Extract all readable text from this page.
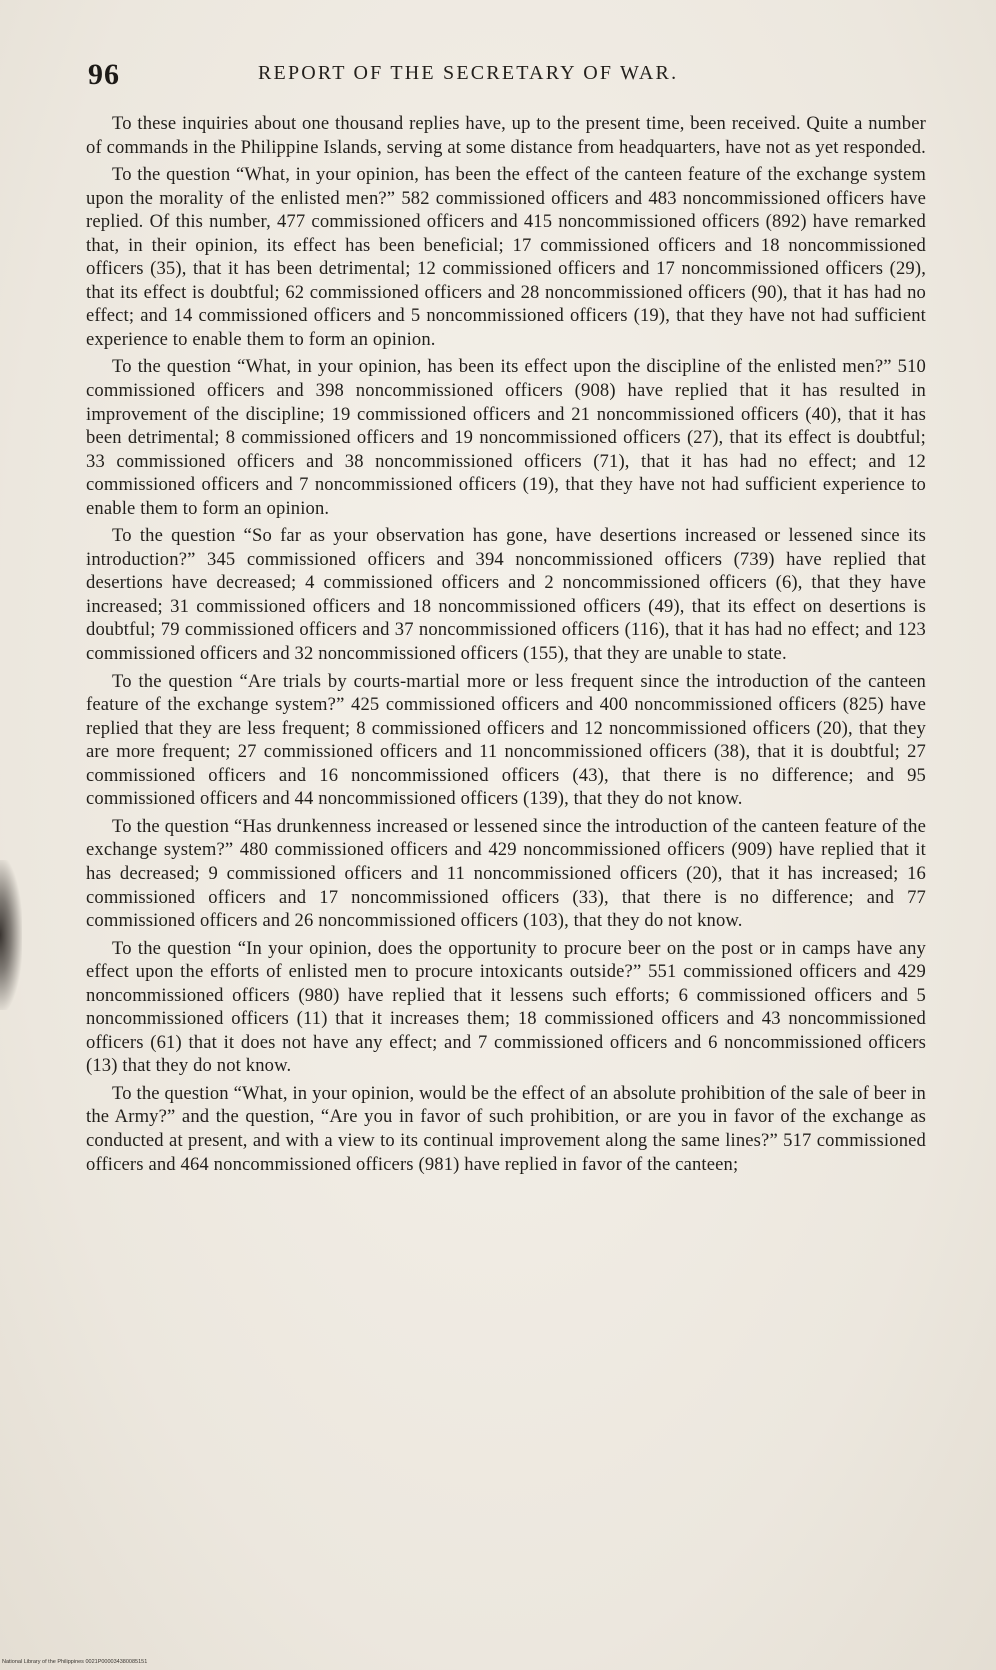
96	REPORT OF THE SECRETARY OF WAR.

To these inquiries about one thousand replies have, up to the present time, been received. Quite a number of commands in the Philippine Islands, serving at some distance from headquarters, have not as yet responded.

To the question “What, in your opinion, has been the effect of the canteen feature of the exchange system upon the morality of the enlisted men?” 582 commissioned officers and 483 noncommissioned officers have replied. Of this number, 477 commissioned officers and 415 noncommissioned officers (892) have remarked that, in their opinion, its effect has been beneficial; 17 commissioned officers and 18 noncommissioned officers (35), that it has been detrimental; 12 commissioned officers and 17 noncommissioned officers (29), that its effect is doubtful; 62 commissioned officers and 28 noncommissioned officers (90), that it has had no effect; and 14 commissioned officers and 5 noncommissioned officers (19), that they have not had sufficient experience to enable them to form an opinion.

To the question “What, in your opinion, has been its effect upon the discipline of the enlisted men?” 510 commissioned officers and 398 noncommissioned officers (908) have replied that it has resulted in improvement of the discipline; 19 commissioned officers and 21 noncommissioned officers (40), that it has been detrimental; 8 commissioned officers and 19 noncommissioned officers (27), that its effect is doubtful; 33 commissioned officers and 38 noncommissioned officers (71), that it has had no effect; and 12 commissioned officers and 7 noncommissioned officers (19), that they have not had sufficient experience to enable them to form an opinion.

To the question “So far as your observation has gone, have desertions increased or lessened since its introduction?” 345 commissioned officers and 394 noncommissioned officers (739) have replied that desertions have decreased; 4 commissioned officers and 2 noncommissioned officers (6), that they have increased; 31 commissioned officers and 18 noncommissioned officers (49), that its effect on desertions is doubtful; 79 commissioned officers and 37 noncommissioned officers (116), that it has had no effect; and 123 commissioned officers and 32 noncommissioned officers (155), that they are unable to state.

To the question “Are trials by courts-martial more or less frequent since the introduction of the canteen feature of the exchange system?” 425 commissioned officers and 400 noncommissioned officers (825) have replied that they are less frequent; 8 commissioned officers and 12 noncommissioned officers (20), that they are more frequent; 27 commissioned officers and 11 noncommissioned officers (38), that it is doubtful; 27 commissioned officers and 16 noncommissioned officers (43), that there is no difference; and 95 commissioned officers and 44 noncommissioned officers (139), that they do not know.

To the question “Has drunkenness increased or lessened since the introduction of the canteen feature of the exchange system?” 480 commissioned officers and 429 noncommissioned officers (909) have replied that it has decreased; 9 commissioned officers and 11 noncommissioned officers (20), that it has increased; 16 commissioned officers and 17 noncommissioned officers (33), that there is no difference; and 77 commissioned officers and 26 noncommissioned officers (103), that they do not know.

To the question “In your opinion, does the opportunity to procure beer on the post or in camps have any effect upon the efforts of enlisted men to procure intoxicants outside?” 551 commissioned officers and 429 noncommissioned officers (980) have replied that it lessens such efforts; 6 commissioned officers and 5 noncommissioned officers (11) that it increases them; 18 commissioned officers and 43 noncommissioned officers (61) that it does not have any effect; and 7 commissioned officers and 6 noncommissioned officers (13) that they do not know.

To the question “What, in your opinion, would be the effect of an absolute prohibition of the sale of beer in the Army?” and the question, “Are you in favor of such prohibition, or are you in favor of the exchange as conducted at present, and with a view to its continual improvement along the same lines?” 517 commissioned officers and 464 noncommissioned officers (981) have replied in favor of the canteen;

National Library of the Philippines 0021P000034380085151
